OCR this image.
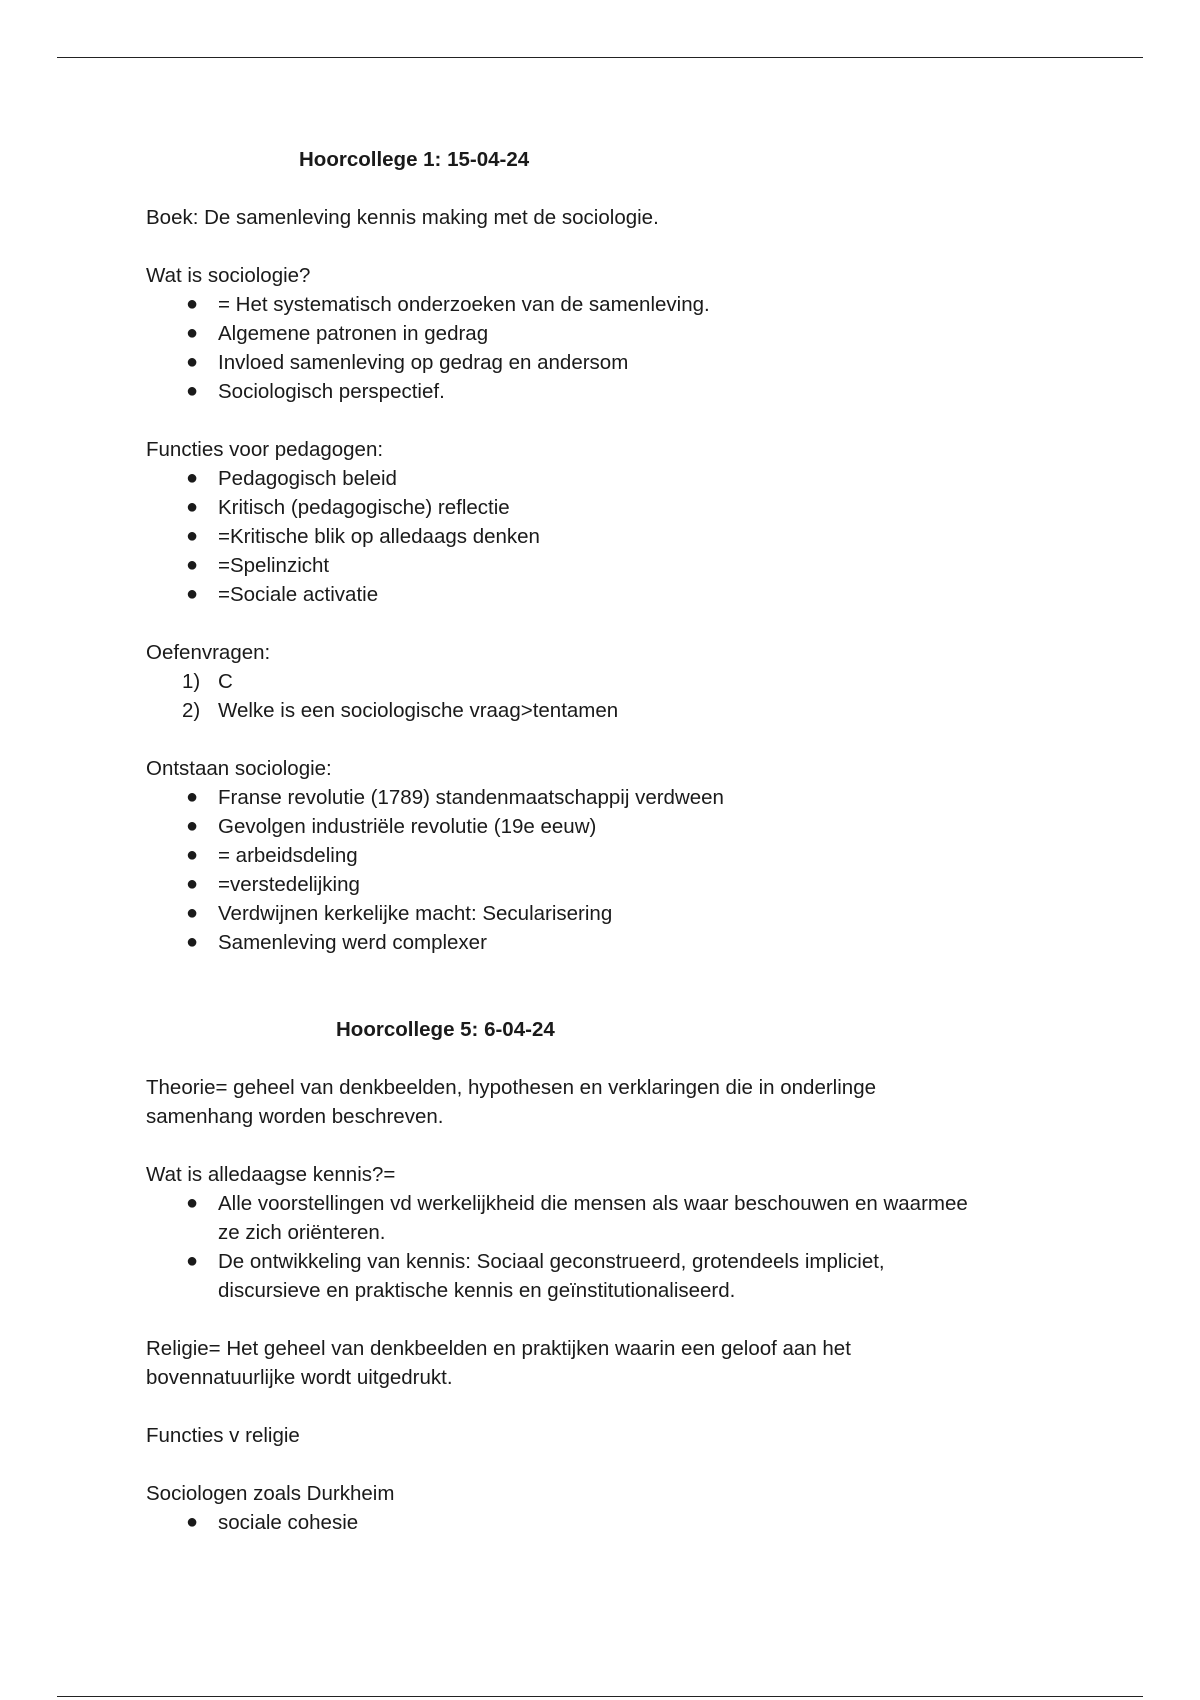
Hoorcollege 1: 15-04-24
Boek: De samenleving kennis making met de sociologie.
Wat is sociologie?
● = Het systematisch onderzoeken van de samenleving.
● Algemene patronen in gedrag
● Invloed samenleving op gedrag en andersom
● Sociologisch perspectief.
Functies voor pedagogen:
● Pedagogisch beleid
● Kritisch (pedagogische) reflectie
● =Kritische blik op alledaags denken
● =Spelinzicht
● =Sociale activatie
Oefenvragen:
1) C
2) Welke is een sociologische vraag>tentamen
Ontstaan sociologie:
● Franse revolutie (1789) standenmaatschappij verdween
● Gevolgen industriële revolutie (19e eeuw)
● = arbeidsdeling
● =verstedelijking
● Verdwijnen kerkelijke macht: Secularisering
● Samenleving werd complexer
Hoorcollege 5: 6-04-24
Theorie= geheel van denkbeelden, hypothesen en verklaringen die in onderlinge
samenhang worden beschreven.
Wat is alledaagse kennis?=
● Alle voorstellingen vd werkelijkheid die mensen als waar beschouwen en waarmee
ze zich oriënteren.
● De ontwikkeling van kennis: Sociaal geconstrueerd, grotendeels impliciet,
discursieve en praktische kennis en geïnstitutionaliseerd.
Religie= Het geheel van denkbeelden en praktijken waarin een geloof aan het
bovennatuurlijke wordt uitgedrukt.
Functies v religie
Sociologen zoals Durkheim
● sociale cohesie
